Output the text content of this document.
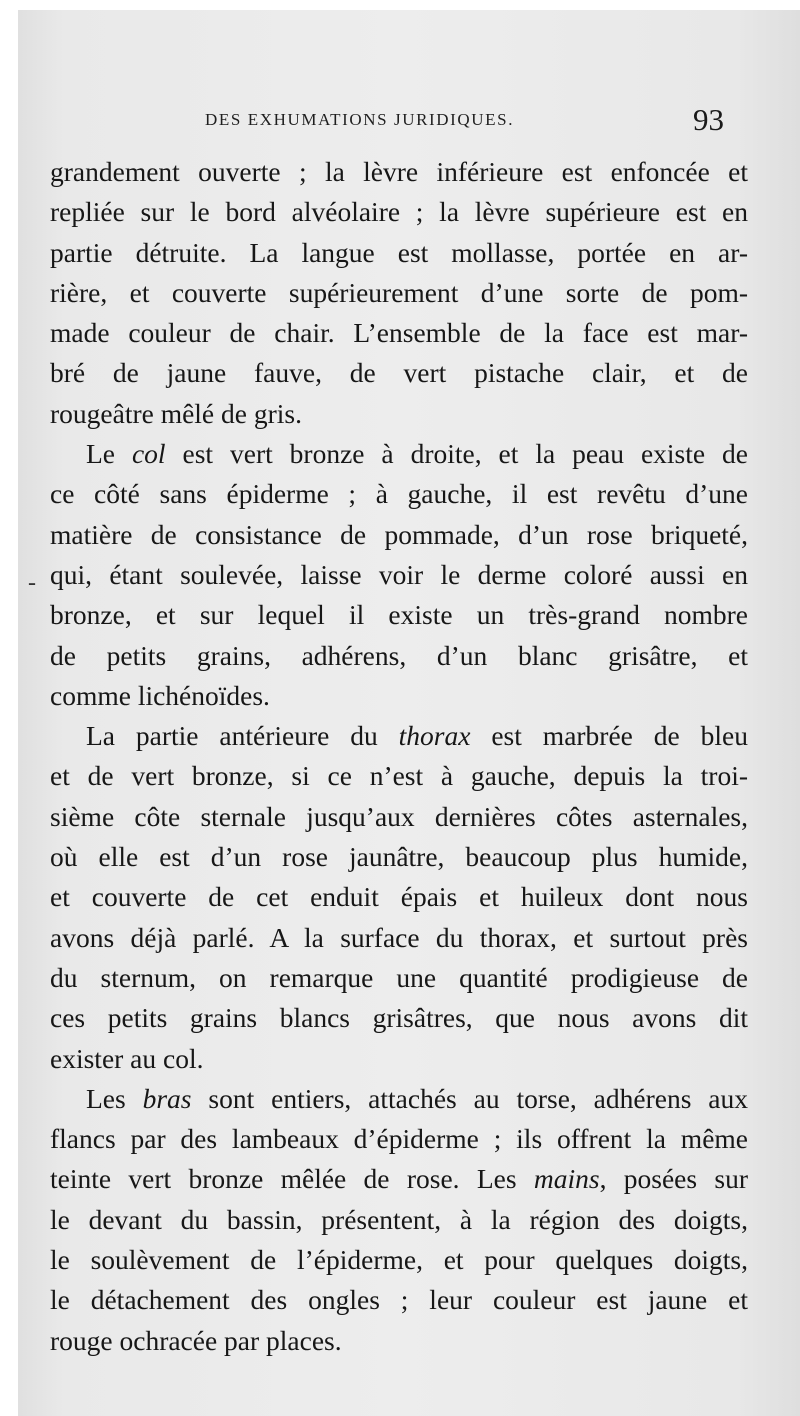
DES EXHUMATIONS JURIDIQUES.	93
-
grandement ouverte ; la lèvre inférieure est enfoncée et
repliée sur le bord alvéolaire ; la lèvre supérieure est en
partie détruite. La langue est mollasse, portée en ar-
rière, et couverte supérieurement d’une sorte de pom-
made couleur de chair. L’ensemble de la face est mar-
bré de jaune fauve, de vert pistache clair, et de
rougeâtre mêlé de gris.
Le col est vert bronze à droite, et la peau existe de
ce côté sans épiderme ; à gauche, il est revêtu d’une
matière de consistance de pommade, d’un rose briqueté,
qui, étant soulevée, laisse voir le derme coloré aussi en
bronze, et sur lequel il existe un très-grand nombre
de petits grains, adhérens, d’un blanc grisâtre, et
comme lichénoïdes.
La partie antérieure du thorax est marbrée de bleu
et de vert bronze, si ce n’est à gauche, depuis la troi-
sième côte sternale jusqu’aux dernières côtes asternales,
où elle est d’un rose jaunâtre, beaucoup plus humide,
et couverte de cet enduit épais et huileux dont nous
avons déjà parlé. A la surface du thorax, et surtout près
du sternum, on remarque une quantité prodigieuse de
ces petits grains blancs grisâtres, que nous avons dit
exister au col.
Les bras sont entiers, attachés au torse, adhérens aux
flancs par des lambeaux d’épiderme ; ils offrent la même
teinte vert bronze mêlée de rose. Les mains, posées sur
le devant du bassin, présentent, à la région des doigts,
le soulèvement de l’épiderme, et pour quelques doigts,
le détachement des ongles ; leur couleur est jaune et
rouge ochracée par places.
